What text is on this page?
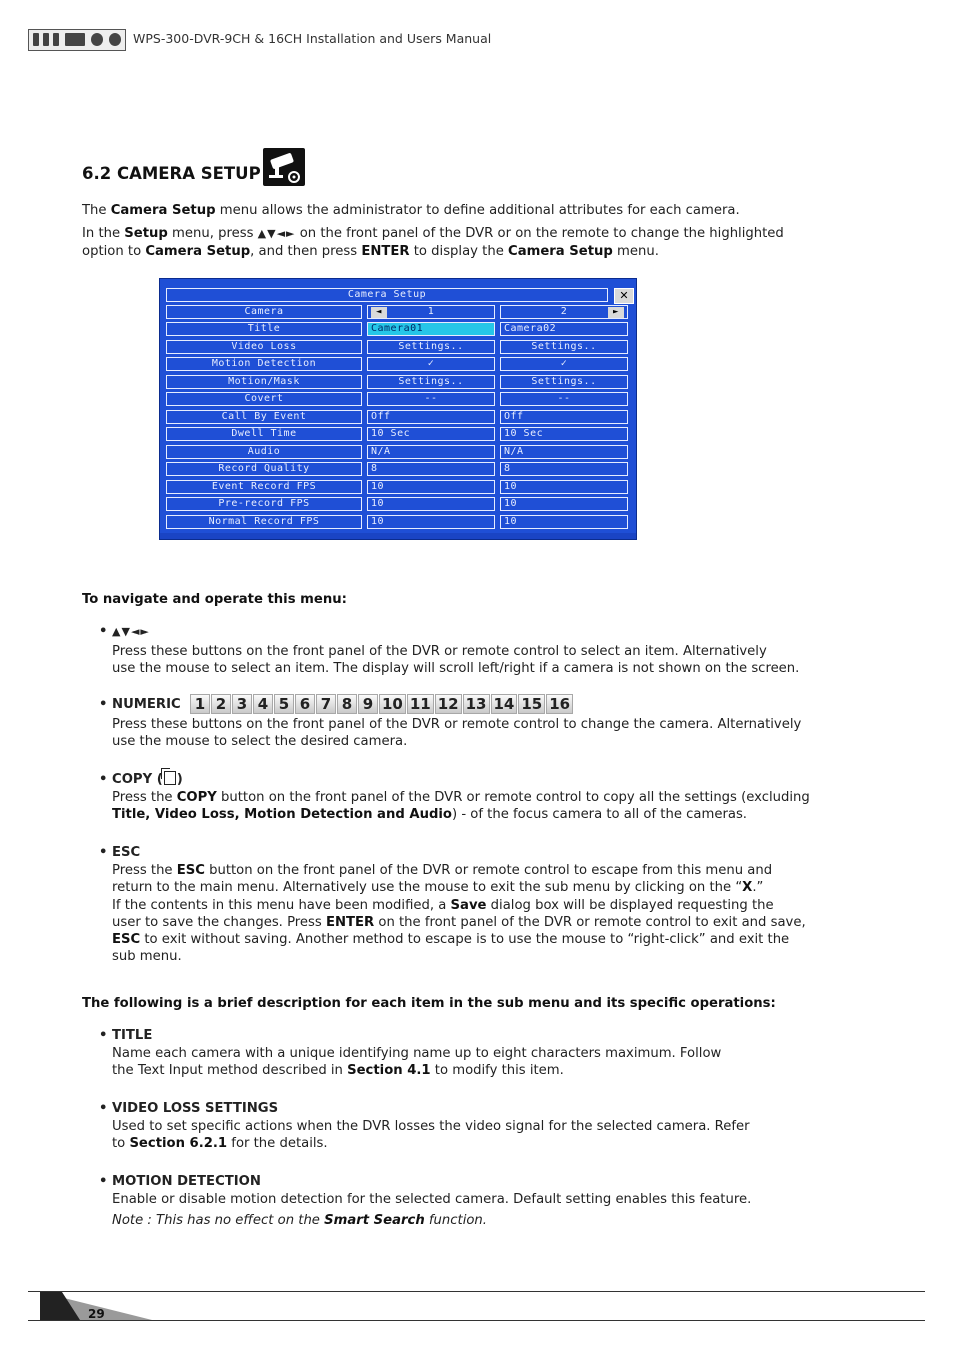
WPS-300-DVR-9CH & 16CH Installation and Users Manual
6.2 CAMERA SETUP
The Camera Setup menu allows the administrator to define additional attributes for each camera.
In the Setup menu, press ▲▼◄► on the front panel of the DVR or on the remote to change the highlighted
option to Camera Setup, and then press ENTER to display the Camera Setup menu.
Camera Setup	✕
Camera	◄	1	2	►
Title	Camera01	Camera02
Video Loss	Settings..	Settings..
Motion Detection	✓	✓
Motion/Mask	Settings..	Settings..
Covert	--	--
Call By Event	Off	Off
Dwell Time	10 Sec	10 Sec
Audio	N/A	N/A
Record Quality	8	8
Event Record FPS	10	10
Pre-record FPS	10	10
Normal Record FPS	10	10
To navigate and operate this menu:
• ▲▼◄►
Press these buttons on the front panel of the DVR or remote control to select an item. Alternatively
use the mouse to select an item. The display will scroll left/right if a camera is not shown on the screen.
• NUMERIC 1 2 3 4 5 6 7 8 9 10 11 12 13 14 15 16
Press these buttons on the front panel of the DVR or remote control to change the camera. Alternatively
use the mouse to select the desired camera.
• COPY ( )
Press the COPY button on the front panel of the DVR or remote control to copy all the settings (excluding
Title, Video Loss, Motion Detection and Audio) - of the focus camera to all of the cameras.
• ESC
Press the ESC button on the front panel of the DVR or remote control to escape from this menu and
return to the main menu. Alternatively use the mouse to exit the sub menu by clicking on the “X.”
If the contents in this menu have been modified, a Save dialog box will be displayed requesting the
user to save the changes. Press ENTER on the front panel of the DVR or remote control to exit and save,
ESC to exit without saving. Another method to escape is to use the mouse to “right-click” and exit the
sub menu.
The following is a brief description for each item in the sub menu and its specific operations:
• TITLE
Name each camera with a unique identifying name up to eight characters maximum. Follow
the Text Input method described in Section 4.1 to modify this item.
• VIDEO LOSS SETTINGS
Used to set specific actions when the DVR losses the video signal for the selected camera. Refer
to Section 6.2.1 for the details.
• MOTION DETECTION
Enable or disable motion detection for the selected camera. Default setting enables this feature.
Note : This has no effect on the Smart Search function.
29
